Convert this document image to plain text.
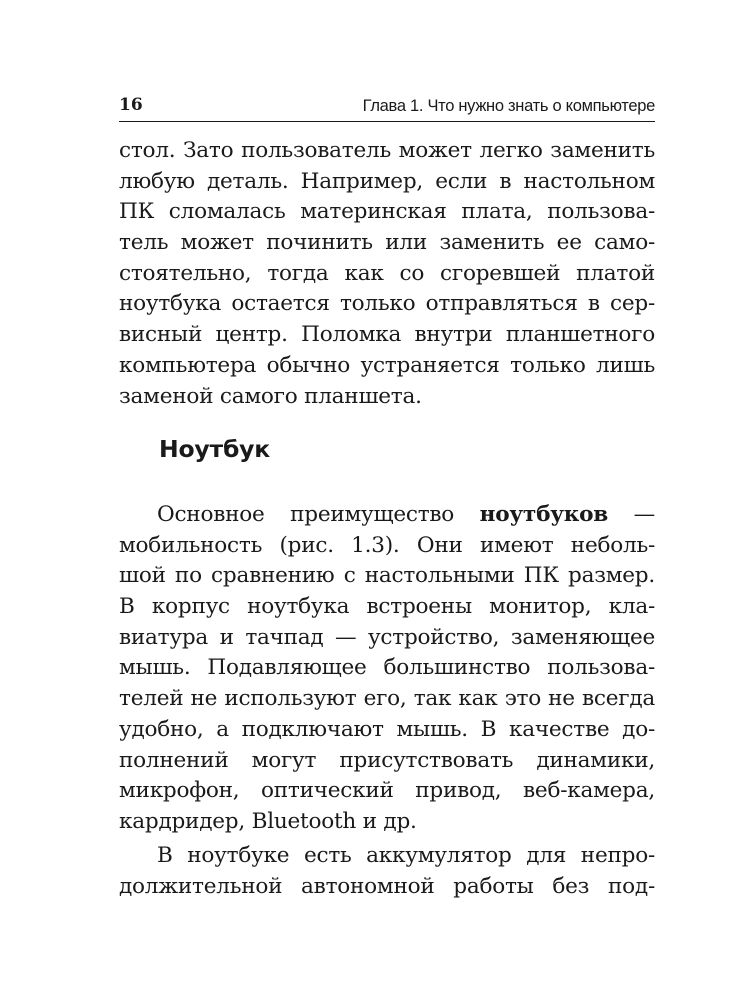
16	Глава 1. Что нужно знать о компьютере
стол. Зато пользователь может легко заменить
любую деталь. Например, если в настольном
ПК сломалась материнская плата, пользова-
тель может починить или заменить ее само-
стоятельно, тогда как со сгоревшей платой
ноутбука остается только отправляться в сер-
висный центр. Поломка внутри планшетного
компьютера обычно устраняется только лишь
заменой самого планшета.
Ноутбук
Основное преимущество ноутбуков —
мобильность (рис. 1.3). Они имеют неболь-
шой по сравнению с настольными ПК размер.
В корпус ноутбука встроены монитор, кла-
виатура и тачпад — устройство, заменяющее
мышь. Подавляющее большинство пользова-
телей не используют его, так как это не всегда
удобно, а подключают мышь. В качестве до-
полнений могут присутствовать динамики,
микрофон, оптический привод, веб-камера,
кардридер, Bluetooth и др.
В ноутбуке есть аккумулятор для непро-
должительной автономной работы без под-
